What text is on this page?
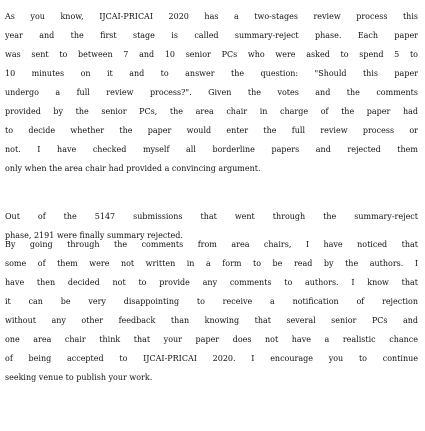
As you know, IJCAI-PRICAI 2020 has a two-stages review process this
year and the first stage is called summary-reject phase. Each paper
was sent to between 7 and 10 senior PCs who were asked to spend 5 to
10 minutes on it and to answer the question: "Should this paper
undergo a full review process?". Given the votes and the comments
provided by the senior PCs, the area chair in charge of the paper had
to decide whether the paper would enter the full review process or
not. I have checked myself all borderline papers and rejected them
only when the area chair had provided a convincing argument.

Out of the 5147 submissions that went through the summary-reject
phase, 2191 were finally summary rejected.

By going through the comments from area chairs, I have noticed that
some of them were not written in a form to be read by the authors. I
have then decided not to provide any comments to authors. I know that
it can be very disappointing to receive a notification of rejection
without any other feedback than knowing that several senior PCs and
one area chair think that your paper does not have a realistic chance
of being accepted to IJCAI-PRICAI 2020. I encourage you to continue
seeking venue to publish your work.
